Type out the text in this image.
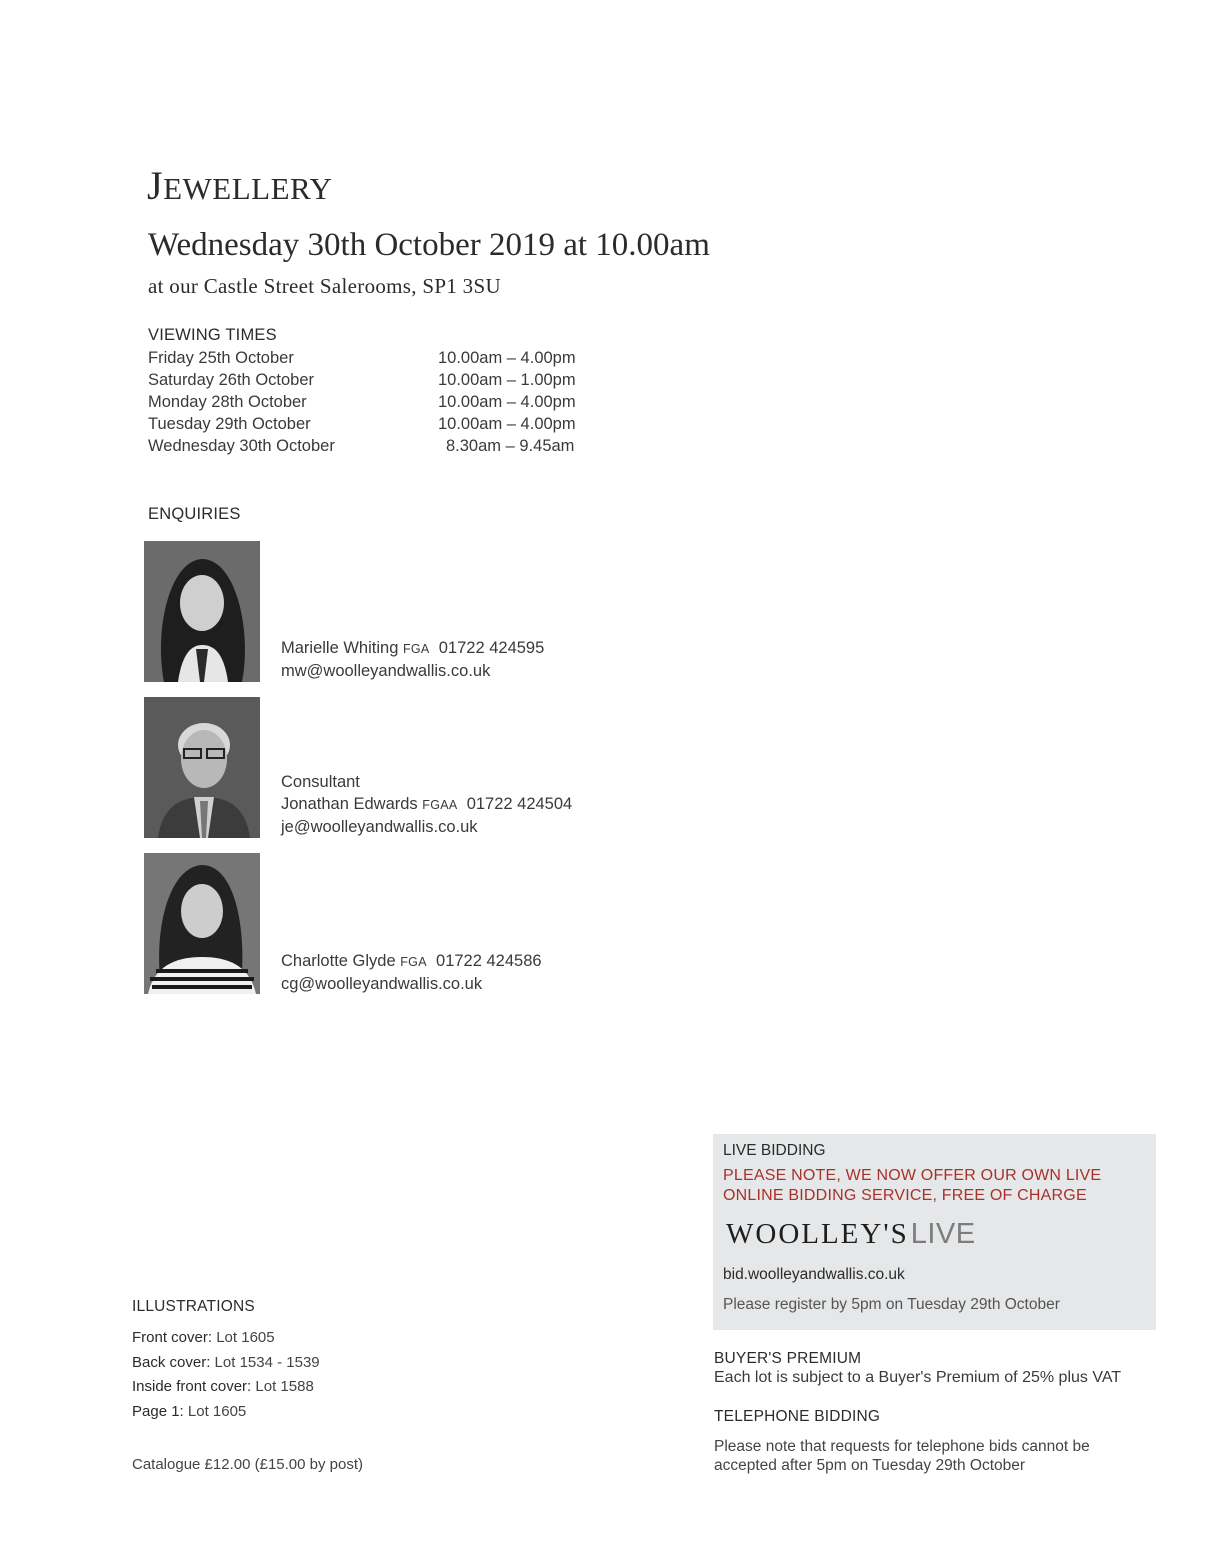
JEWELLERY
Wednesday 30th October 2019 at 10.00am
at our Castle Street Salerooms, SP1 3SU
VIEWING TIMES
Friday 25th October	10.00am – 4.00pm
Saturday 26th October	10.00am – 1.00pm
Monday 28th October	10.00am – 4.00pm
Tuesday 29th October	10.00am – 4.00pm
Wednesday 30th October	8.30am – 9.45am
ENQUIRIES
Marielle Whiting FGA 01722 424595
mw@woolleyandwallis.co.uk
Consultant
Jonathan Edwards FGAA 01722 424504
je@woolleyandwallis.co.uk
Charlotte Glyde FGA 01722 424586
cg@woolleyandwallis.co.uk
ILLUSTRATIONS
Front cover: Lot 1605
Back cover: Lot 1534 - 1539
Inside front cover: Lot 1588
Page 1: Lot 1605
Catalogue £12.00 (£15.00 by post)
LIVE BIDDING
PLEASE NOTE, WE NOW OFFER OUR OWN LIVE
ONLINE BIDDING SERVICE, FREE OF CHARGE
WOOLLEY'SLIVE
bid.woolleyandwallis.co.uk
Please register by 5pm on Tuesday 29th October
BUYER'S PREMIUM
Each lot is subject to a Buyer's Premium of 25% plus VAT
TELEPHONE BIDDING
Please note that requests for telephone bids cannot be
accepted after 5pm on Tuesday 29th October
